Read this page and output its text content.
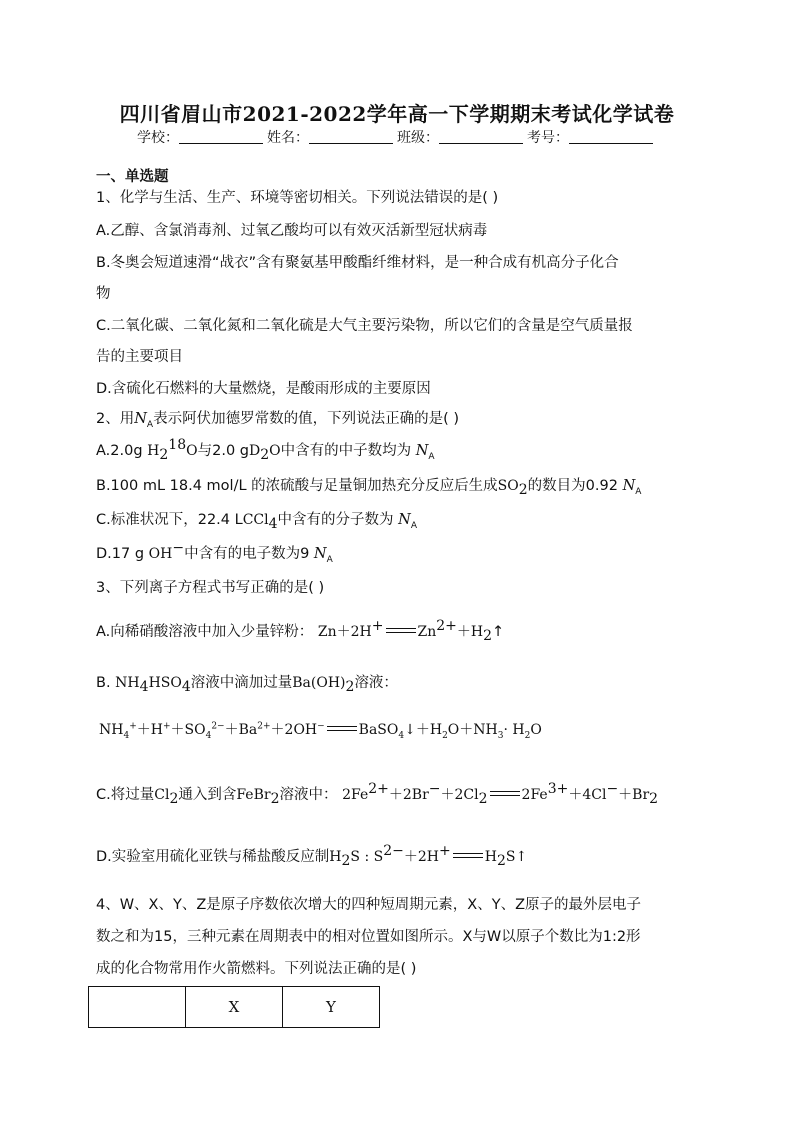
四川省眉山市2021-2022学年高一下学期期末考试化学试卷
学校：	姓名：	班级：	考号：
一、单选题
1、化学与生活、生产、环境等密切相关。下列说法错误的是( )
A.乙醇、含氯消毒剂、过氧乙酸均可以有效灭活新型冠状病毒
B.冬奥会短道速滑“战衣”含有聚氨基甲酸酯纤维材料，是一种合成有机高分子化合
物
C.二氧化碳、二氧化氮和二氧化硫是大气主要污染物，所以它们的含量是空气质量报
告的主要项目
D.含硫化石燃料的大量燃烧，是酸雨形成的主要原因
2、用$N_A$表示阿伏加德罗常数的值，下列说法正确的是( )
A.2.0g $H_2^{18}O$与2.0 $gD_2O$中含有的中子数均为 $N_A$
B.100 mL 18.4 mol/L 的浓硫酸与足量铜加热充分反应后生成$SO_2$的数目为0.92 $N_A$
C.标准状况下，22.4 LCCl$_4$中含有的分子数为 $N_A$
D.17 g OH−中含有的电子数为9 $N_A$
3、下列离子方程式书写正确的是( )
A.向稀硝酸溶液中加入少量锌粉： Zn＋2H+ $Zn^{2+}+H_2↑$
B. $NH_4HSO_4$溶液中滴加过量$Ba(OH)_2$溶液：
$NH_4^++H^++SO_4^{2-}+Ba^{2+}+2OH^-$ $BaSO_4↓+H_2O+NH_3\cdot H_2O$
C.将过量$Cl_2$通入到含FeBr$_2$溶液中： $2Fe^{2+}+2Br^-+2Cl_2$ $2Fe^{3+}+4Cl^-+Br_2$
D.实验室用硫化亚铁与稀盐酸反应制$H_2S$ : $S^{2-}+2H^+$ $H_2S↑$
4、W、X、Y、Z是原子序数依次增大的四种短周期元素，X、Y、Z原子的最外层电子
数之和为15，三种元素在周期表中的相对位置如图所示。X与W以原子个数比为1:2形
成的化合物常用作火箭燃料。下列说法正确的是( )
	X	Y
